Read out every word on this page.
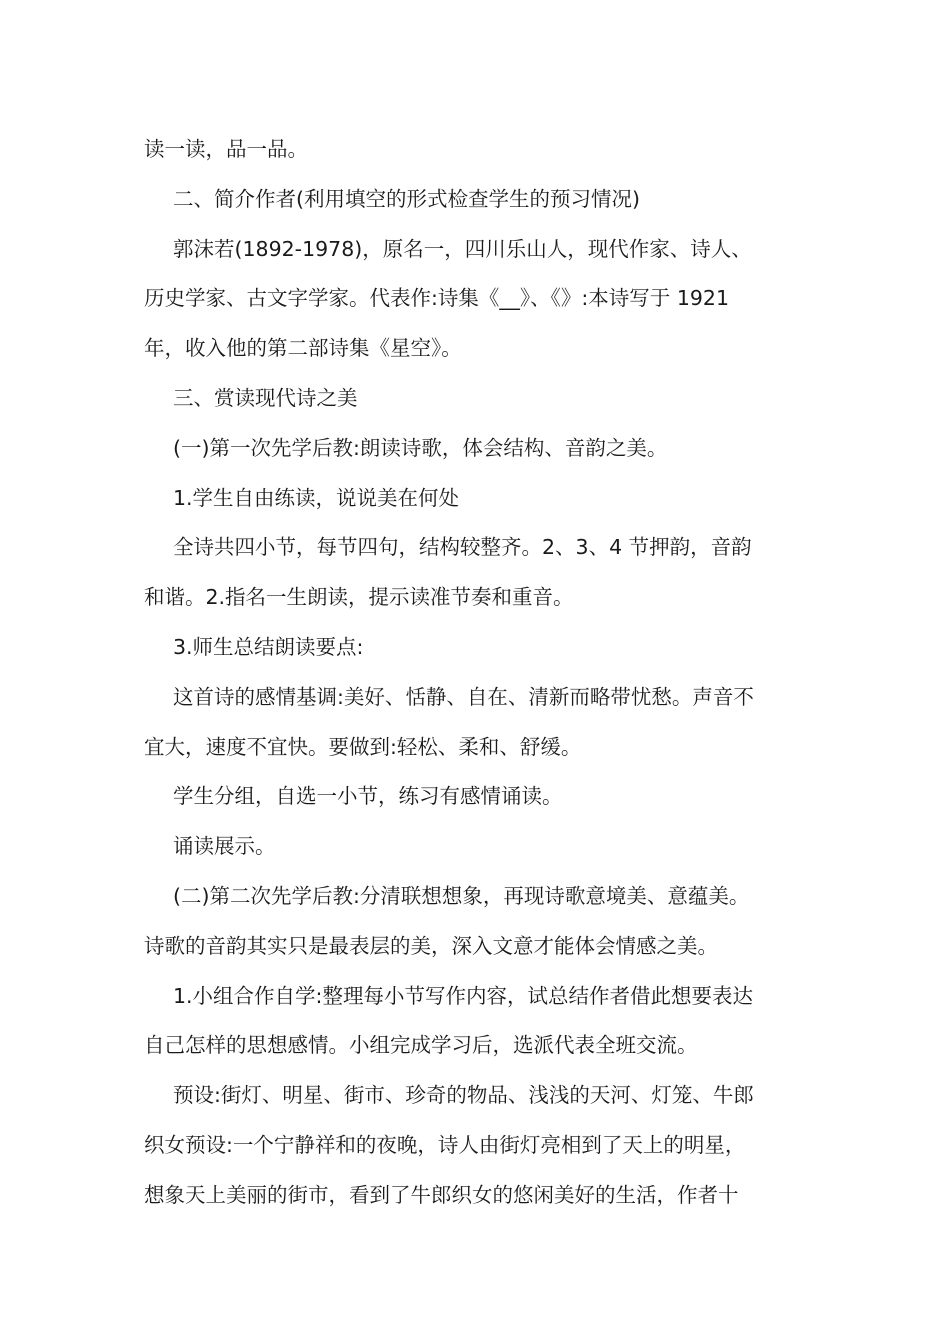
读一读，品一品。
二、简介作者(利用填空的形式检查学生的预习情况)
郭沫若(1892-1978)，原名一，四川乐山人，现代作家、诗人、
历史学家、古文字学家。代表作:诗集《__》、《》:本诗写于 1921
年，收入他的第二部诗集《星空》。
三、赏读现代诗之美
(一)第一次先学后教:朗读诗歌，体会结构、音韵之美。
1.学生自由练读，说说美在何处
全诗共四小节，每节四句，结构较整齐。2、3、4 节押韵，音韵
和谐。2.指名一生朗读，提示读准节奏和重音。
3.师生总结朗读要点:
这首诗的感情基调:美好、恬静、自在、清新而略带忧愁。声音不
宜大，速度不宜快。要做到:轻松、柔和、舒缓。
学生分组，自选一小节，练习有感情诵读。
诵读展示。
(二)第二次先学后教:分清联想想象，再现诗歌意境美、意蕴美。
诗歌的音韵其实只是最表层的美，深入文意才能体会情感之美。
1.小组合作自学:整理每小节写作内容，试总结作者借此想要表达
自己怎样的思想感情。小组完成学习后，选派代表全班交流。
预设:街灯、明星、街市、珍奇的物品、浅浅的天河、灯笼、牛郎
织女预设:一个宁静祥和的夜晚，诗人由街灯亮相到了天上的明星，
想象天上美丽的街市，看到了牛郎织女的悠闲美好的生活，作者十
